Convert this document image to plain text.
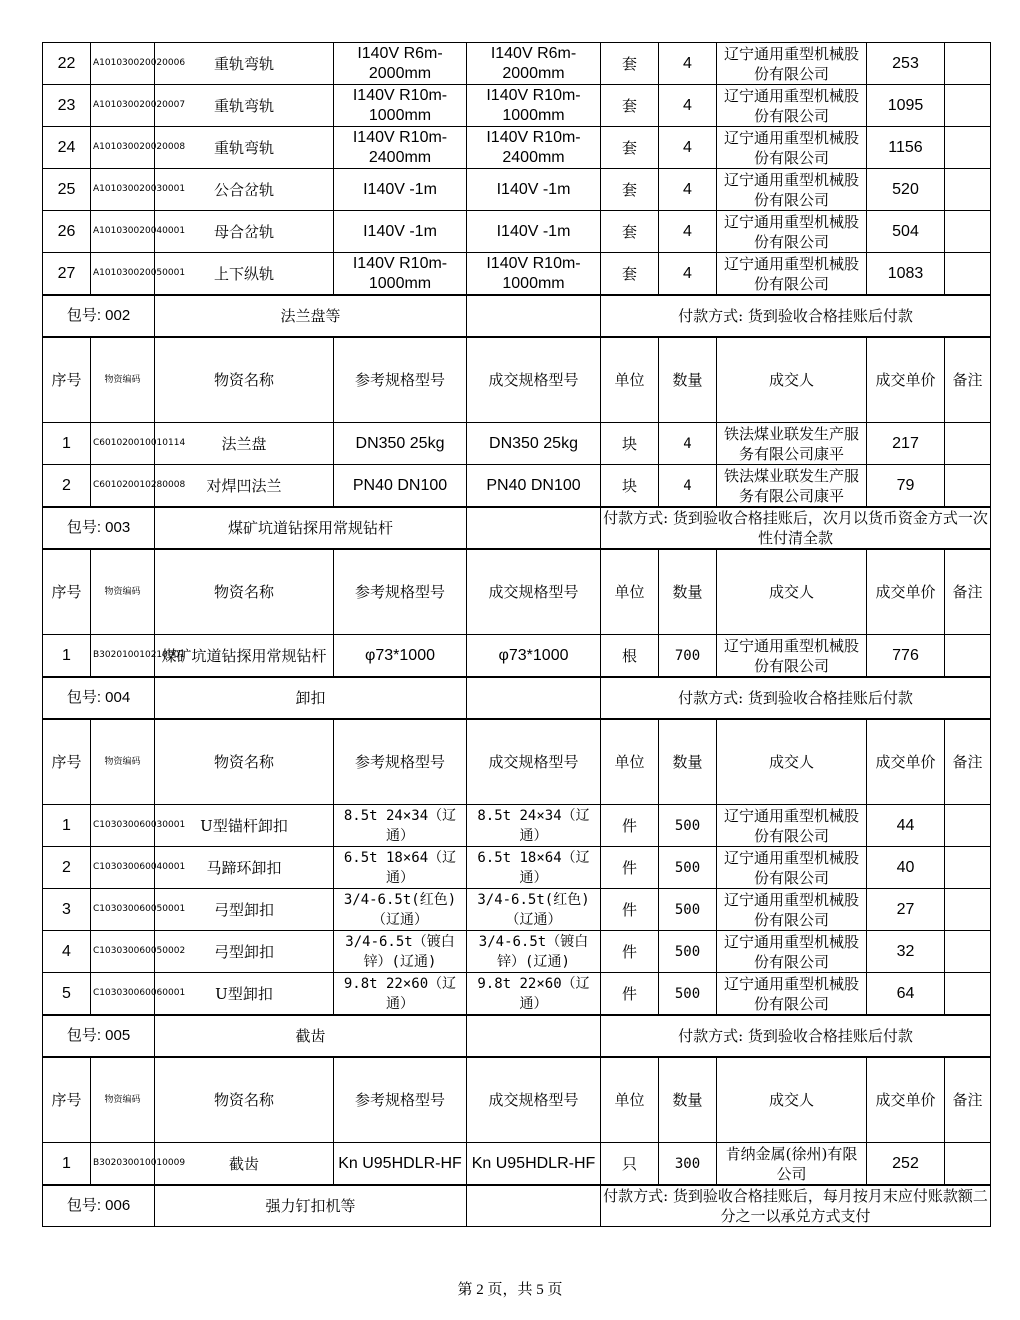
22	A101030020020006	重轨弯轨	I140V R6m-2000mm	I140V R6m-2000mm	套	4	辽宁通用重型机械股份有限公司	253	
23	A101030020020007	重轨弯轨	I140V R10m-1000mm	I140V R10m-1000mm	套	4	辽宁通用重型机械股份有限公司	1095	
24	A101030020020008	重轨弯轨	I140V R10m-2400mm	I140V R10m-2400mm	套	4	辽宁通用重型机械股份有限公司	1156	
25	A101030020030001	公合岔轨	I140V -1m	I140V -1m	套	4	辽宁通用重型机械股份有限公司	520	
26	A101030020040001	母合岔轨	I140V -1m	I140V -1m	套	4	辽宁通用重型机械股份有限公司	504	
27	A101030020050001	上下纵轨	I140V R10m-1000mm	I140V R10m-1000mm	套	4	辽宁通用重型机械股份有限公司	1083	
包号: 002		法兰盘等			付款方式: 货到验收合格挂账后付款				
序号	物资编码	物资名称	参考规格型号	成交规格型号	单位	数量	成交人	成交单价	备注
1	C601020010010114	法兰盘	DN350 25kg	DN350 25kg	块	4	铁法煤业联发生产服务有限公司康平	217	
2	C601020010280008	对焊凹法兰	PN40 DN100	PN40 DN100	块	4	铁法煤业联发生产服务有限公司康平	79	
包号: 003		煤矿坑道钻探用常规钻杆			付款方式: 货到验收合格挂账后，次月以货币资金方式一次性付清全款				
序号	物资编码	物资名称	参考规格型号	成交规格型号	单位	数量	成交人	成交单价	备注
1	B302010010210001	煤矿坑道钻探用常规钻杆	φ73*1000	φ73*1000	根	700	辽宁通用重型机械股份有限公司	776	
包号: 004		卸扣			付款方式: 货到验收合格挂账后付款				
序号	物资编码	物资名称	参考规格型号	成交规格型号	单位	数量	成交人	成交单价	备注
1	C103030060030001	U型锚杆卸扣	8.5t 24×34（辽通）	8.5t 24×34（辽通）	件	500	辽宁通用重型机械股份有限公司	44	
2	C103030060040001	马蹄环卸扣	6.5t 18×64（辽通）	6.5t 18×64（辽通）	件	500	辽宁通用重型机械股份有限公司	40	
3	C103030060050001	弓型卸扣	3/4-6.5t(红色)（辽通）	3/4-6.5t(红色)（辽通）	件	500	辽宁通用重型机械股份有限公司	27	
4	C103030060050002	弓型卸扣	3/4-6.5t（镀白锌）(辽通)	3/4-6.5t（镀白锌）(辽通)	件	500	辽宁通用重型机械股份有限公司	32	
5	C103030060060001	U型卸扣	9.8t 22×60（辽通）	9.8t 22×60（辽通）	件	500	辽宁通用重型机械股份有限公司	64	
包号: 005		截齿			付款方式: 货到验收合格挂账后付款				
序号	物资编码	物资名称	参考规格型号	成交规格型号	单位	数量	成交人	成交单价	备注
1	B302030010010009	截齿	Kn U95HDLR-HF	Kn U95HDLR-HF	只	300	肯纳金属(徐州)有限公司	252	
包号: 006		强力钉扣机等			付款方式: 货到验收合格挂账后，每月按月末应付账款额二分之一以承兑方式支付				
第 2 页，共 5 页
